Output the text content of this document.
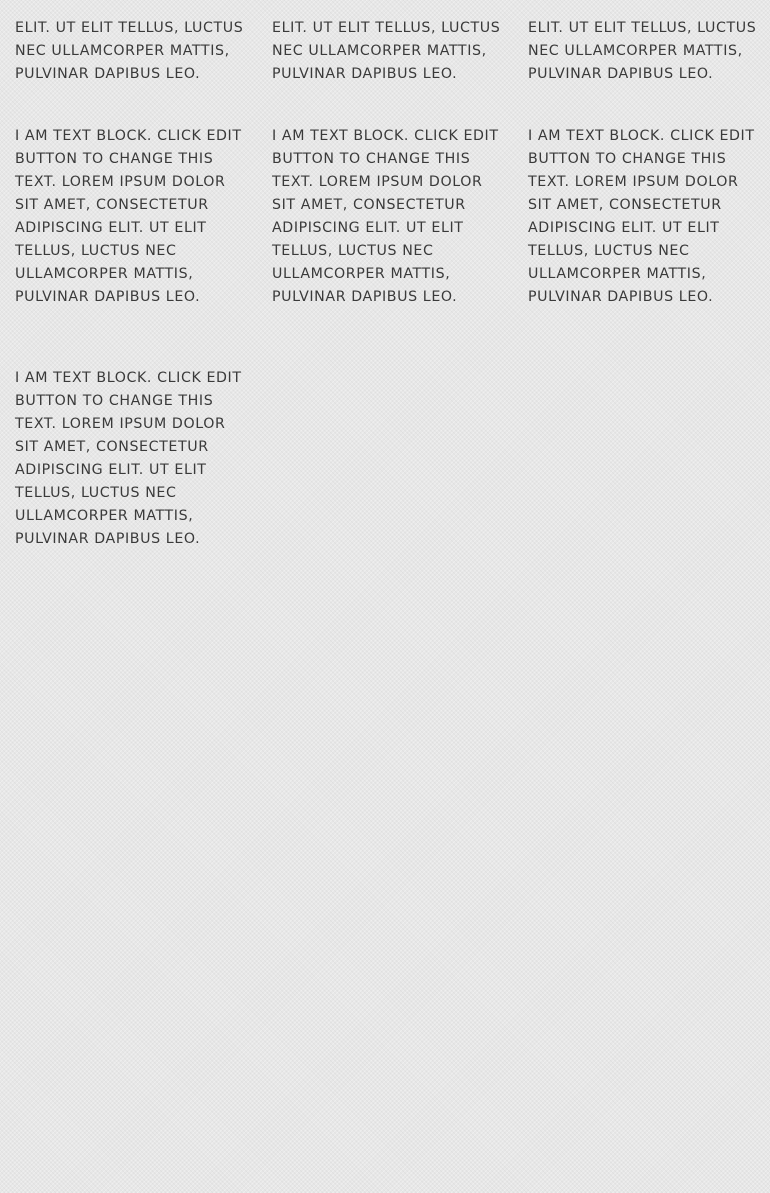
ELIT. UT ELIT TELLUS, LUCTUS NEC ULLAMCORPER MATTIS, PULVINAR DAPIBUS LEO.

ELIT. UT ELIT TELLUS, LUCTUS NEC ULLAMCORPER MATTIS, PULVINAR DAPIBUS LEO.

ELIT. UT ELIT TELLUS, LUCTUS NEC ULLAMCORPER MATTIS, PULVINAR DAPIBUS LEO.

I AM TEXT BLOCK. CLICK EDIT BUTTON TO CHANGE THIS TEXT. LOREM IPSUM DOLOR SIT AMET, CONSECTETUR ADIPISCING ELIT. UT ELIT TELLUS, LUCTUS NEC ULLAMCORPER MATTIS, PULVINAR DAPIBUS LEO.

I AM TEXT BLOCK. CLICK EDIT BUTTON TO CHANGE THIS TEXT. LOREM IPSUM DOLOR SIT AMET, CONSECTETUR ADIPISCING ELIT. UT ELIT TELLUS, LUCTUS NEC ULLAMCORPER MATTIS, PULVINAR DAPIBUS LEO.

I AM TEXT BLOCK. CLICK EDIT BUTTON TO CHANGE THIS TEXT. LOREM IPSUM DOLOR SIT AMET, CONSECTETUR ADIPISCING ELIT. UT ELIT TELLUS, LUCTUS NEC ULLAMCORPER MATTIS, PULVINAR DAPIBUS LEO.

I AM TEXT BLOCK. CLICK EDIT BUTTON TO CHANGE THIS TEXT. LOREM IPSUM DOLOR SIT AMET, CONSECTETUR ADIPISCING ELIT. UT ELIT TELLUS, LUCTUS NEC ULLAMCORPER MATTIS, PULVINAR DAPIBUS LEO.
